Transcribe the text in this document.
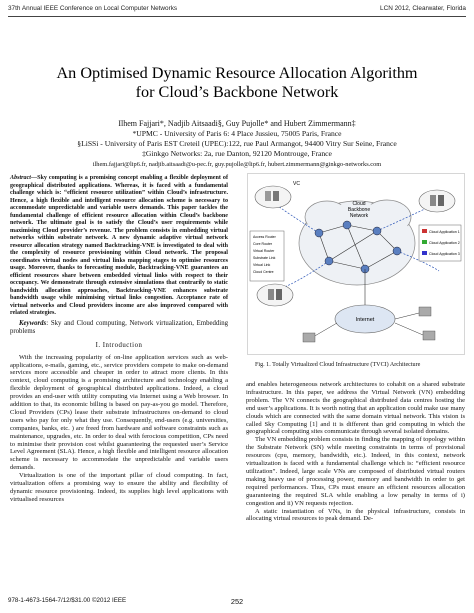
37th Annual IEEE Conference on Local Computer Networks	LCN 2012, Clearwater, Florida
An Optimised Dynamic Resource Allocation Algorithm
for Cloud’s Backbone Network
Ilhem Fajjari*, Nadjib Aitsaadi§, Guy Pujolle* and Hubert Zimmermann‡
*UPMC - University of Paris 6: 4 Place Jussieu, 75005 Paris, France
§LiSSi - University of Paris EST Creteil (UPEC):122, rue Paul Armangot, 94400 Vitry Sur Seine, France
‡Ginkgo Networks: 2a, rue Danton, 92120 Montrouge, France
ilhem.fajjari@lip6.fr, nadjib.aitsaadi@u-pec.fr, guy.pujolle@lip6.fr, hubert.zimmermann@ginkgo-networks.com

Abstract—Sky computing is a promising concept enabling a flexible deployment of geographical distributed applications. Whereas, it is faced with a fundamental challenge which is: “efficient resource utilization” within Cloud’s infrastructure. Hence, a high flexible and intelligent resource allocation scheme is necessary to accommodate unpredictable and variable users demands. This paper tackles the fundamental challenge of efficient resource allocation within Cloud’s backbone network. The ultimate goal is to satisfy the Cloud’s user requirements while maximising Cloud provider’s revenue. The problem consists in embedding virtual networks within substrate network. A new dynamic adaptive virtual network resource allocation strategy named Backtracking-VNE is investigated to deal with the complexity of resource provisioning within Cloud network. The proposal coordinates virtual nodes and virtual links mapping stages to optimise resources usage. Moreover, thanks to forecasting module, Backtracking-VNE guarantees an efficient resources share between embedded virtual links with respect to their occupancy. We demonstrate through extensive simulations that contrarily to static bandwidth allocation approaches, Backtracking-VNE enhances substrate bandwidth usage while minimising virtual links congestion. Acceptance rate of virtual networks and Cloud providers income are also improved compared with related strategies.

Keywords: Sky and Cloud computing, Network virtualization, Embedding problems

I. Introduction

With the increasing popularity of on-line application services such as web-applications, e-mails, gaming, etc., service providers compete to make on-demand services more accessible and cheaper in order to attract more clients. In this context, cloud computing is a promising architecture and technology enabling a flexible deployment of geographical distributed applications. Indeed, a cloud provides an end-user with utility computing via Internet using a Web browser. In addition to that, its economic billing is based on pay-as-you go model. Therefore, Cloud Providers (CPs) lease their substrate infrastructures on-demand to cloud users who pay for only what they use. Consequently, end-users (e.g. universities, companies, banks, etc. ) are freed from hardware and software constraints such as maintenance, upgrades, etc. In order to deal with ferocious competition, CPs need to minimise their provision cost whilst guaranteeing the requested user’s Service Level Agreement (SLA). Hence, a high flexible and intelligent resource allocation scheme is necessary to accommodate the unpredictable and variable users demands.

Virtualization is one of the important pillar of cloud computing. In fact, virtualization offers a promising way to ensure the ability and flexibility of dynamic resource provisioning. Indeed, its supplies high level applications with virtualised resources

Cloud
Backbone
Network
VC
Cloud Application 1
Cloud Application 2
Cloud Application 3
Access Router
Core Router
Virtual Router
Substrate Link
Virtual Link
Cloud Centre
Internet
Fig. 1. Totally Virtualized Cloud Infrastructure (TVCI) Architecture

and enables heterogeneous network architectures to cohabit on a shared substrate infrastructure. In this paper, we address the Virtual Network (VN) embedding problem. The VN connects the geographical distributed data centres hosting the end user’s applications. It is worth noting that an application could make use many clouds which are connected with the same domain virtual network. This vision is called Sky Computing [1] and it is different than grid computing in which the geographical computing sites communicate through several isolated domains.

The VN embedding problem consists in finding the mapping of topology within the Substrate Network (SN) while meeting constraints in terms of provisional resources (cpu, memory, bandwidth, etc.). Indeed, in this context, network virtualization is faced with a fundamental challenge which is: “efficient resource utilization”. Indeed, large scale VNs are composed of distributed virtual routers making heavy use of processing power, memory and bandwidth in order to get required performances. Thus, CPs must ensure an efficient resources allocation guaranteeing the required SLA while enabling a low penalty in terms of i) congestion and ii) VN requests rejection.

A static instantiation of VNs, in the physical infrastructure, consists in allocating virtual resources to peak demand. De-

978-1-4673-1564-7/12/$31.00 ©2012 IEEE	252
